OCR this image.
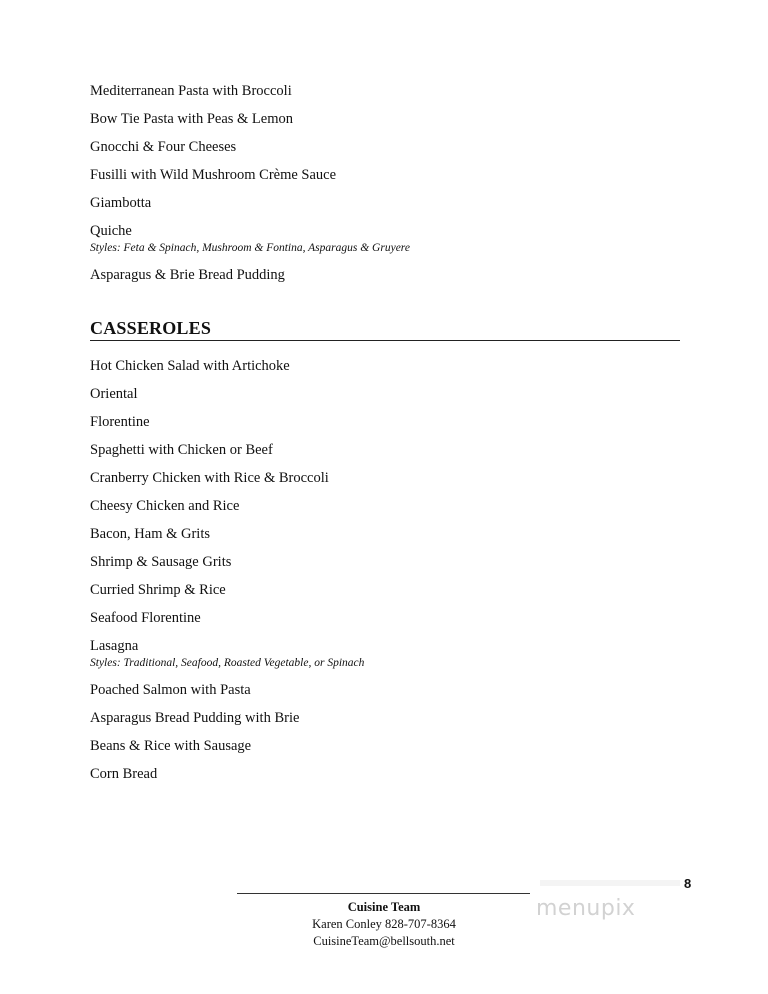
Mediterranean Pasta with Broccoli
Bow Tie Pasta with Peas & Lemon
Gnocchi & Four Cheeses
Fusilli with Wild Mushroom Crème Sauce
Giambotta
Quiche
Styles: Feta & Spinach, Mushroom & Fontina, Asparagus & Gruyere
Asparagus & Brie Bread Pudding
CASSEROLES
Hot Chicken Salad with Artichoke
Oriental
Florentine
Spaghetti with Chicken or Beef
Cranberry Chicken with Rice & Broccoli
Cheesy Chicken and Rice
Bacon, Ham & Grits
Shrimp & Sausage Grits
Curried Shrimp & Rice
Seafood Florentine
Lasagna
Styles: Traditional, Seafood, Roasted Vegetable, or Spinach
Poached Salmon with Pasta
Asparagus Bread Pudding with Brie
Beans & Rice with Sausage
Corn Bread
Cuisine Team
Karen Conley 828-707-8364
CuisineTeam@bellsouth.net
8
menupix
